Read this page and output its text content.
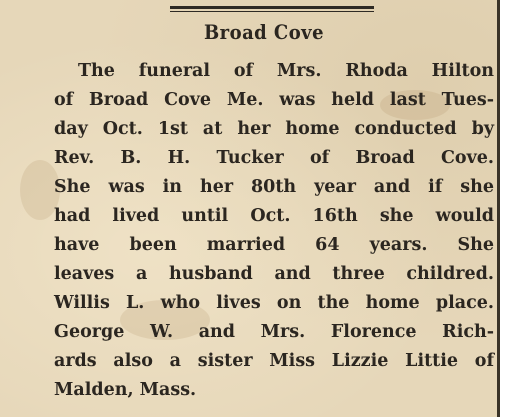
Broad Cove
The funeral of Mrs. Rhoda Hilton
of Broad Cove Me. was held last Tues-
day Oct. 1st at her home conducted by
Rev. B. H. Tucker of Broad Cove.
She was in her 80th year and if she
had lived until Oct. 16th she would
have been married 64 years. She
leaves a husband and three childred.
Willis L. who lives on the home place.
George W. and Mrs. Florence Rich-
ards also a sister Miss Lizzie Littie of
Malden, Mass.
